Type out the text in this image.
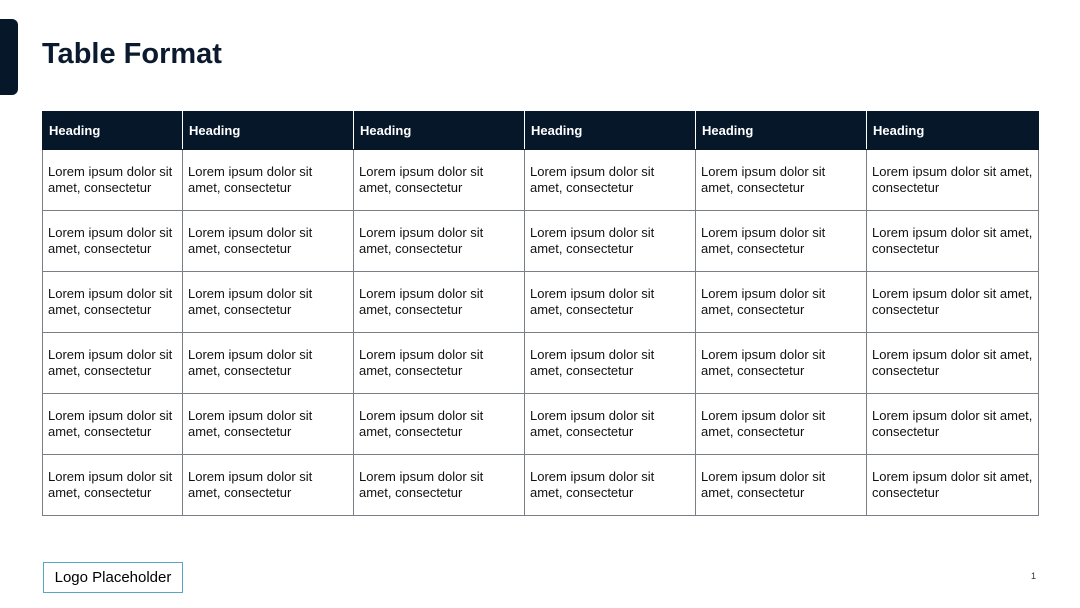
Table Format
Heading	Heading	Heading	Heading	Heading	Heading
Lorem ipsum dolor sit amet, consectetur	Lorem ipsum dolor sit amet, consectetur	Lorem ipsum dolor sit amet, consectetur	Lorem ipsum dolor sit amet, consectetur	Lorem ipsum dolor sit amet, consectetur	Lorem ipsum dolor sit amet, consectetur
Lorem ipsum dolor sit amet, consectetur	Lorem ipsum dolor sit amet, consectetur	Lorem ipsum dolor sit amet, consectetur	Lorem ipsum dolor sit amet, consectetur	Lorem ipsum dolor sit amet, consectetur	Lorem ipsum dolor sit amet, consectetur
Lorem ipsum dolor sit amet, consectetur	Lorem ipsum dolor sit amet, consectetur	Lorem ipsum dolor sit amet, consectetur	Lorem ipsum dolor sit amet, consectetur	Lorem ipsum dolor sit amet, consectetur	Lorem ipsum dolor sit amet, consectetur
Lorem ipsum dolor sit amet, consectetur	Lorem ipsum dolor sit amet, consectetur	Lorem ipsum dolor sit amet, consectetur	Lorem ipsum dolor sit amet, consectetur	Lorem ipsum dolor sit amet, consectetur	Lorem ipsum dolor sit amet, consectetur
Lorem ipsum dolor sit amet, consectetur	Lorem ipsum dolor sit amet, consectetur	Lorem ipsum dolor sit amet, consectetur	Lorem ipsum dolor sit amet, consectetur	Lorem ipsum dolor sit amet, consectetur	Lorem ipsum dolor sit amet, consectetur
Lorem ipsum dolor sit amet, consectetur	Lorem ipsum dolor sit amet, consectetur	Lorem ipsum dolor sit amet, consectetur	Lorem ipsum dolor sit amet, consectetur	Lorem ipsum dolor sit amet, consectetur	Lorem ipsum dolor sit amet, consectetur
Logo Placeholder	1
